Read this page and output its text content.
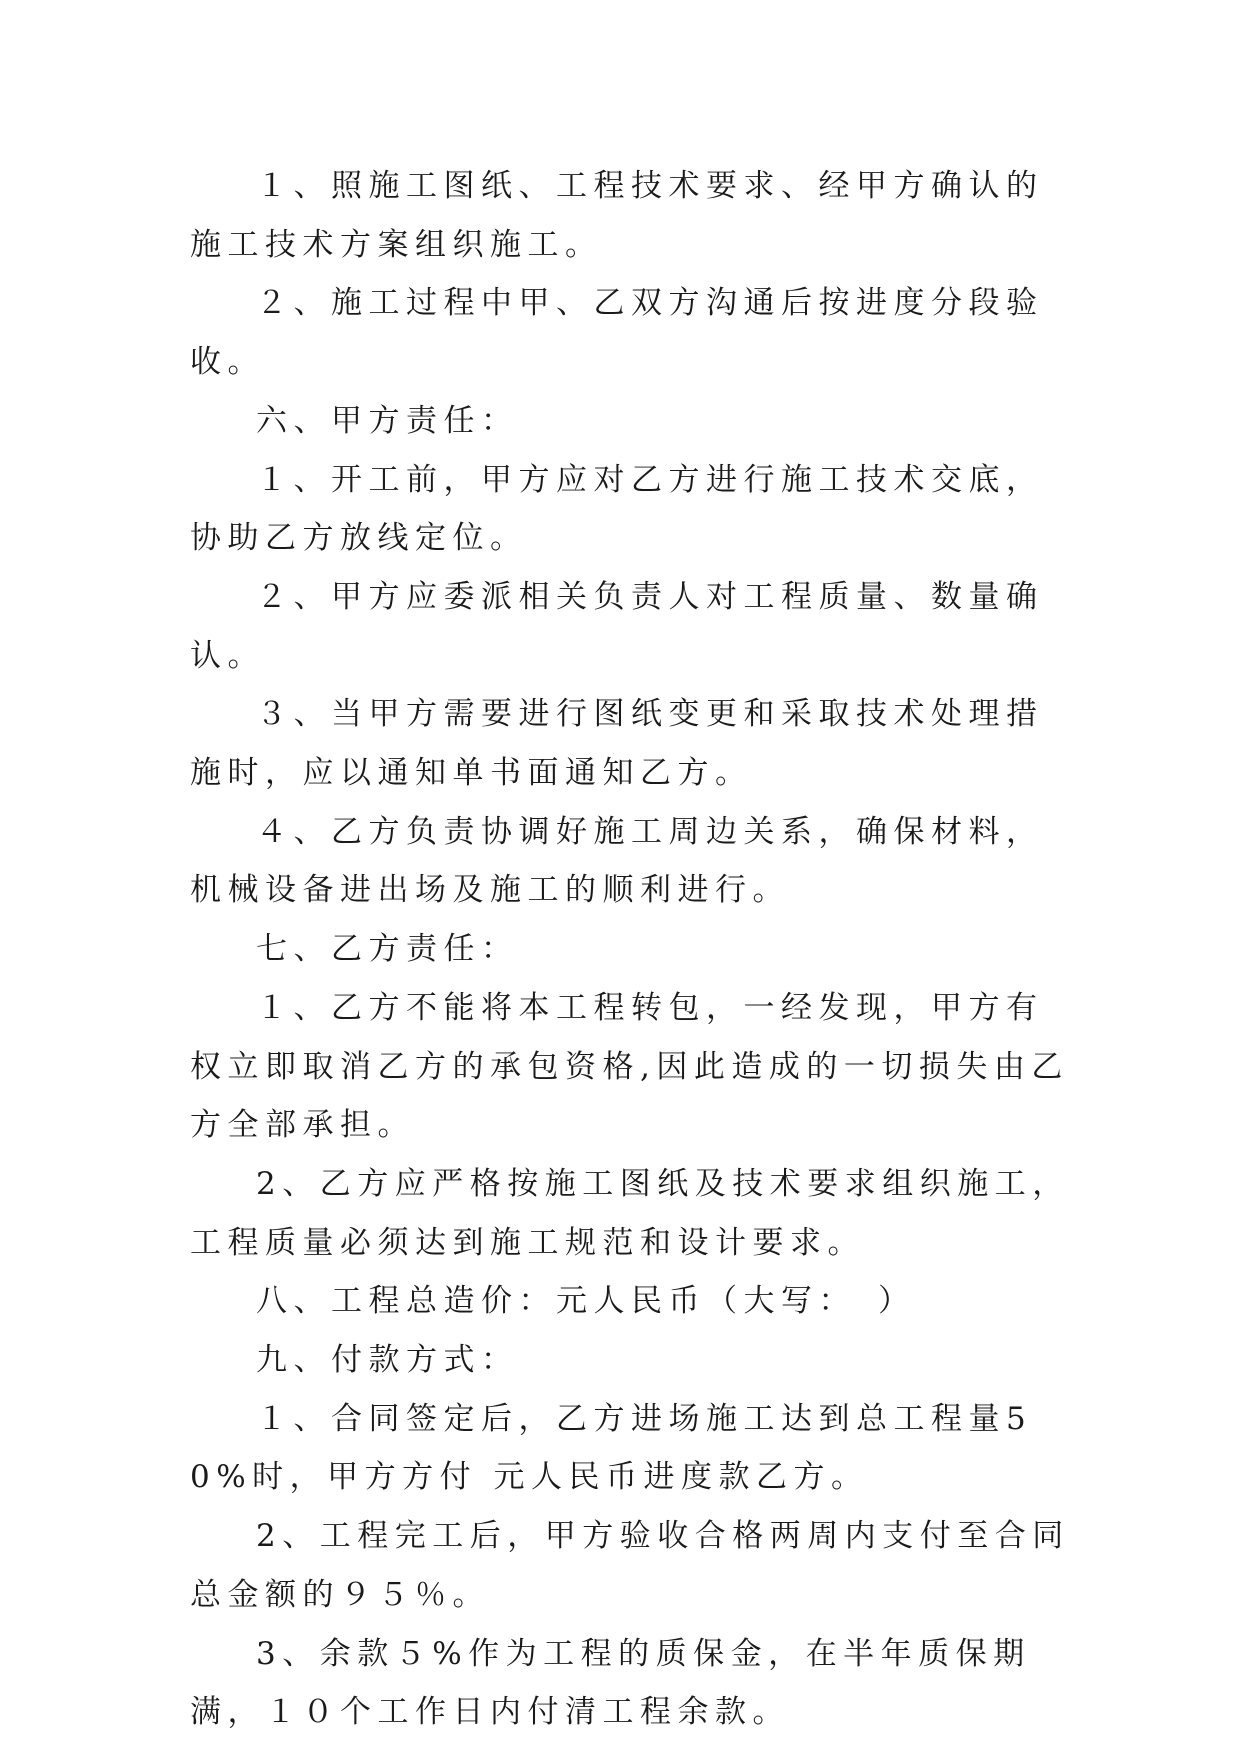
１、照施工图纸、工程技术要求、经甲方确认的施工技术方案组织施工。

２、施工过程中甲、乙双方沟通后按进度分段验收。

六、甲方责任：

１、开工前，甲方应对乙方进行施工技术交底，协助乙方放线定位。

２、甲方应委派相关负责人对工程质量、数量确认。

３、当甲方需要进行图纸变更和采取技术处理措施时，应以通知单书面通知乙方。

４、乙方负责协调好施工周边关系，确保材料，机械设备进出场及施工的顺利进行。

七、乙方责任：

１、乙方不能将本工程转包，一经发现，甲方有权立即取消乙方的承包资格,因此造成的一切损失由乙方全部承担。

2、乙方应严格按施工图纸及技术要求组织施工，工程质量必须达到施工规范和设计要求。

八、工程总造价：元人民币（大写：　）

九、付款方式：

１、合同签定后，乙方进场施工达到总工程量50%时，甲方方付 元人民币进度款乙方。

2、工程完工后，甲方验收合格两周内支付至合同总金额的９５％。

3、余款５%作为工程的质保金，在半年质保期满，１０个工作日内付清工程余款。
